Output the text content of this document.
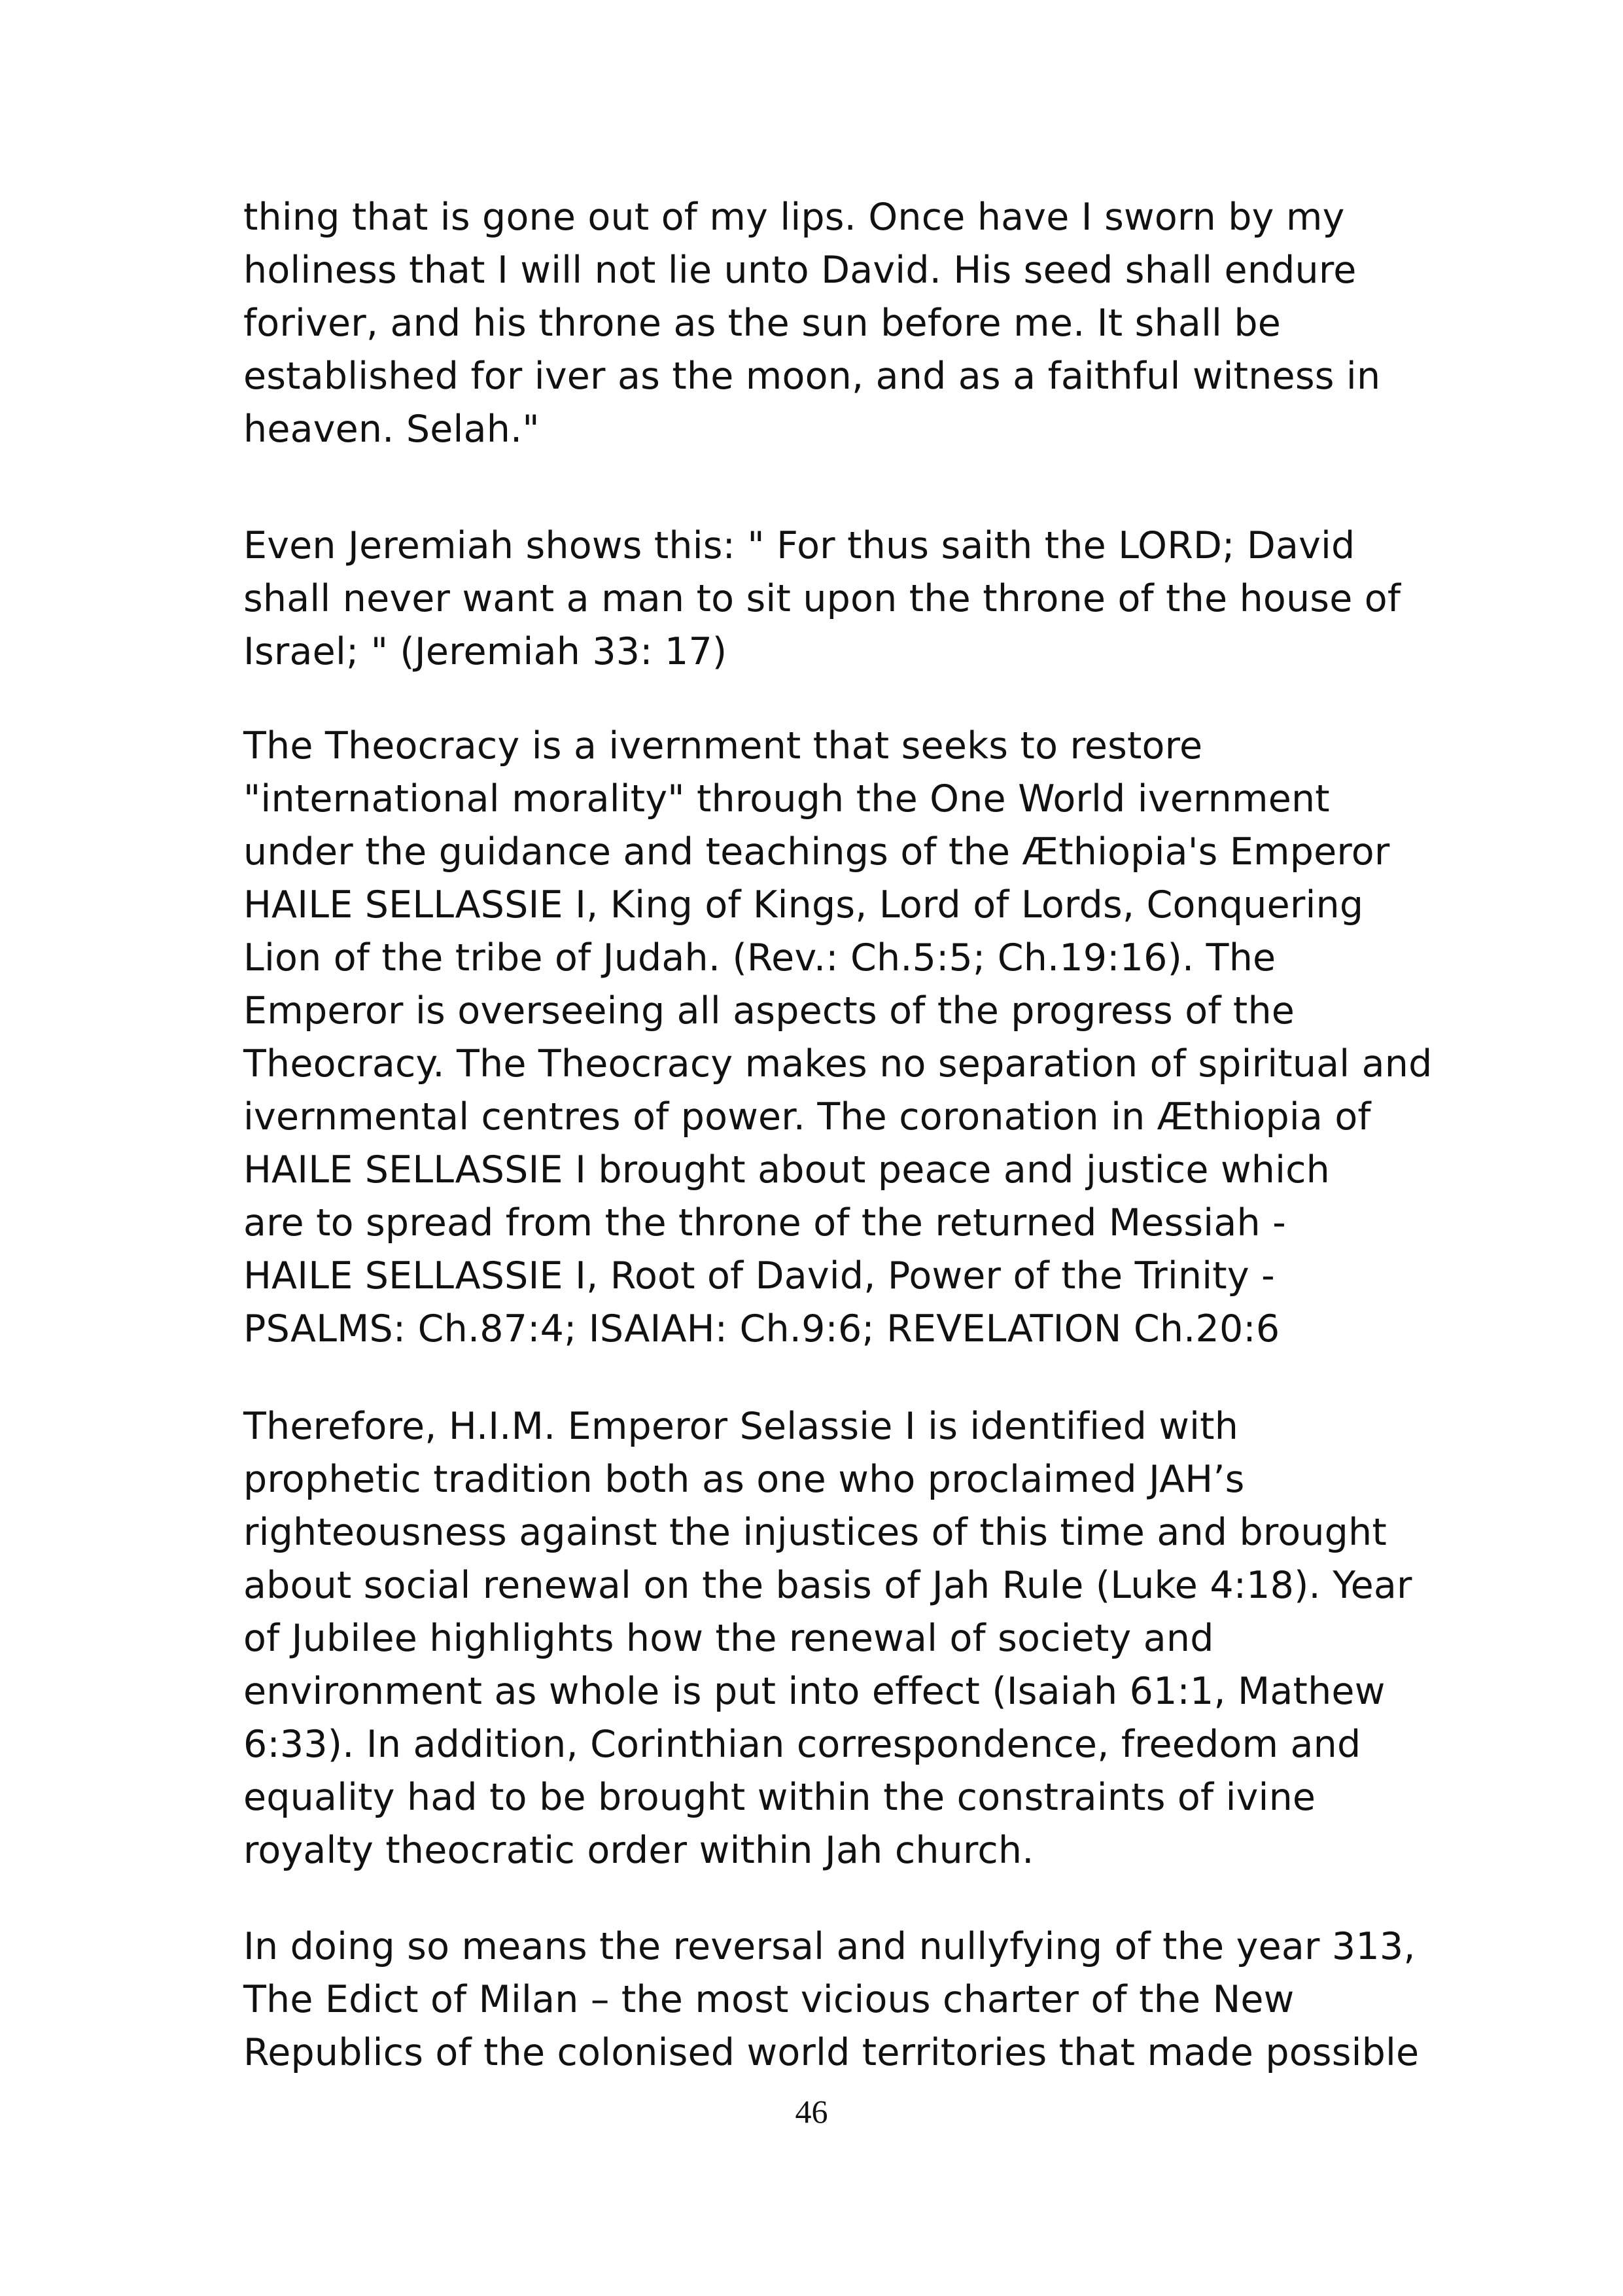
thing that is gone out of my lips. Once have I sworn by my
holiness that I will not lie unto David. His seed shall endure
foriver, and his throne as the sun before me. It shall be
established for iver as the moon, and as a faithful witness in
heaven. Selah."
Even Jeremiah shows this: " For thus saith the LORD; David
shall never want a man to sit upon the throne of the house of
Israel; " (Jeremiah 33: 17)
The Theocracy is a ivernment that seeks to restore
"international morality" through the One World ivernment
under the guidance and teachings of the Æthiopia's Emperor
HAILE SELLASSIE I, King of Kings, Lord of Lords, Conquering
Lion of the tribe of Judah. (Rev.: Ch.5:5; Ch.19:16). The
Emperor is overseeing all aspects of the progress of the
Theocracy. The Theocracy makes no separation of spiritual and
ivernmental centres of power. The coronation in Æthiopia of
HAILE SELLASSIE I brought about peace and justice which
are to spread from the throne of the returned Messiah -
HAILE SELLASSIE I, Root of David, Power of the Trinity -
PSALMS: Ch.87:4; ISAIAH: Ch.9:6; REVELATION Ch.20:6
Therefore, H.I.M. Emperor Selassie I is identified with
prophetic tradition both as one who proclaimed JAH’s
righteousness against the injustices of this time and brought
about social renewal on the basis of Jah Rule (Luke 4:18). Year
of Jubilee highlights how the renewal of society and
environment as whole is put into effect (Isaiah 61:1, Mathew
6:33). In addition, Corinthian correspondence, freedom and
equality had to be brought within the constraints of ivine
royalty theocratic order within Jah church.
In doing so means the reversal and nullyfying of the year 313,
The Edict of Milan – the most vicious charter of the New
Republics of the colonised world territories that made possible
46
